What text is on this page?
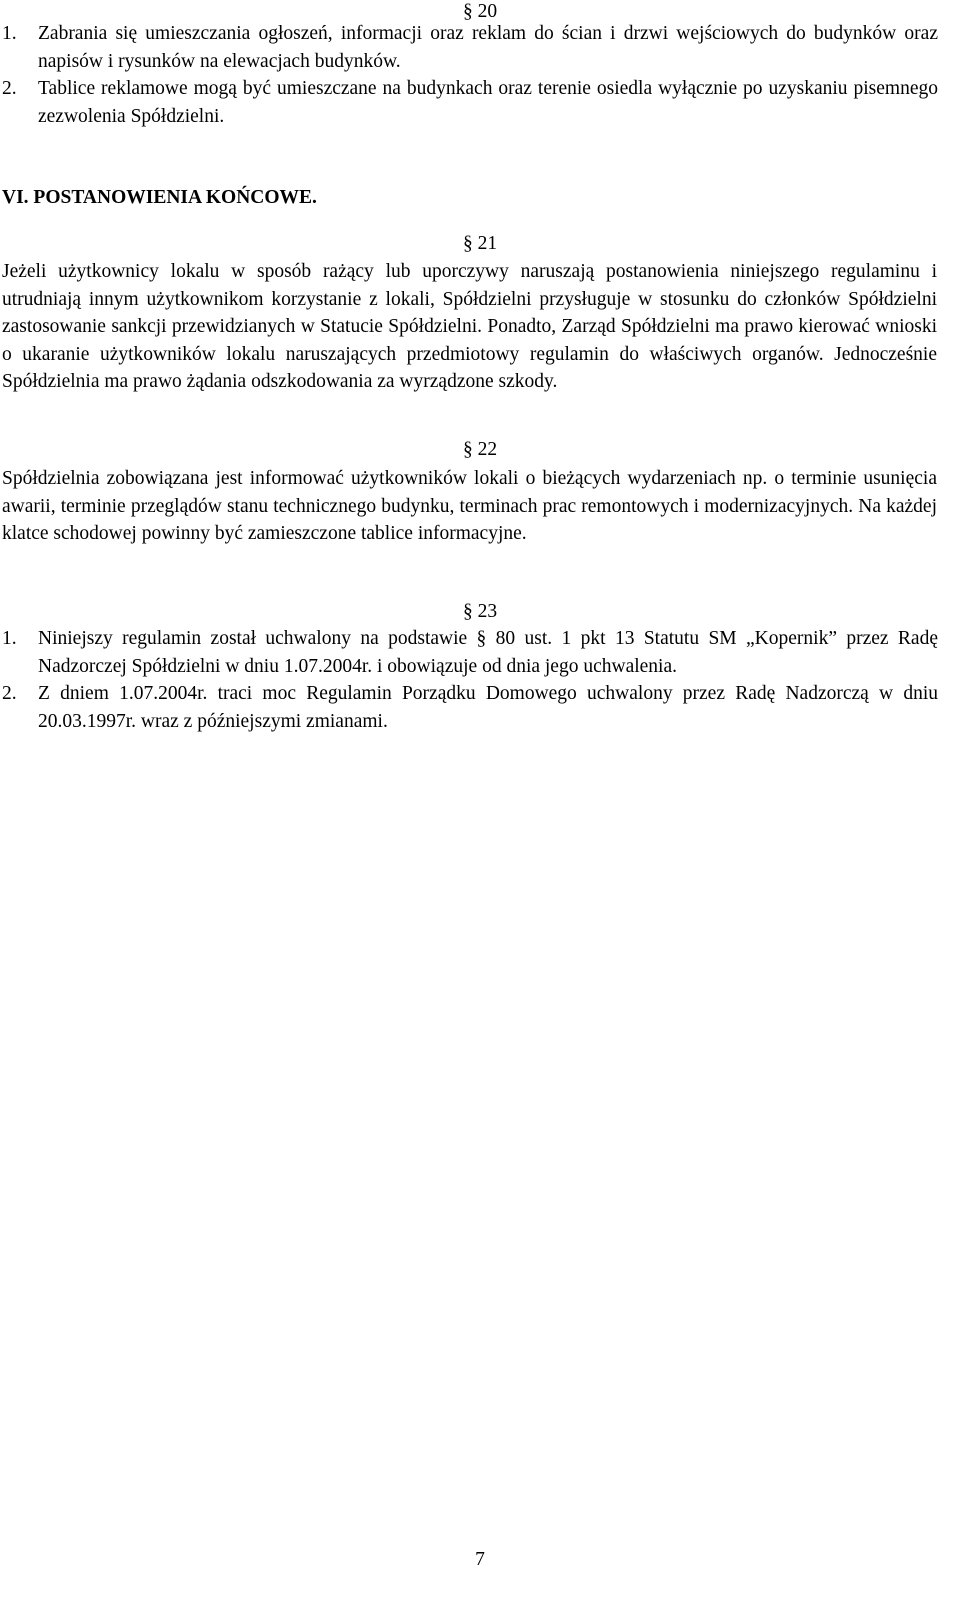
§ 20
1. Zabrania się umieszczania ogłoszeń, informacji oraz reklam do ścian i drzwi wejściowych do budynków oraz napisów i rysunków na elewacjach budynków.
2. Tablice reklamowe mogą być umieszczane na budynkach oraz terenie osiedla wyłącznie po uzyskaniu pisemnego zezwolenia Spółdzielni.
VI. POSTANOWIENIA KOŃCOWE.
§ 21

Jeżeli użytkownicy lokalu w sposób rażący lub uporczywy naruszają postanowienia niniejszego regulaminu i utrudniają innym użytkownikom korzystanie z lokali, Spółdzielni przysługuje w stosunku do członków Spółdzielni zastosowanie sankcji przewidzianych w Statucie Spółdzielni. Ponadto, Zarząd Spółdzielni ma prawo kierować wnioski o ukaranie użytkowników lokalu naruszających przedmiotowy regulamin do właściwych organów. Jednocześnie Spółdzielnia ma prawo żądania odszkodowania za wyrządzone szkody.

§ 22

Spółdzielnia zobowiązana jest informować użytkowników lokali o bieżących wydarzeniach np. o terminie usunięcia awarii, terminie przeglądów stanu technicznego budynku, terminach prac remontowych i modernizacyjnych. Na każdej klatce schodowej powinny być zamieszczone tablice informacyjne.

§ 23
1. Niniejszy regulamin został uchwalony na podstawie § 80 ust. 1 pkt 13 Statutu SM „Kopernik” przez Radę Nadzorczej Spółdzielni w dniu 1.07.2004r. i obowiązuje od dnia jego uchwalenia.
2. Z dniem 1.07.2004r. traci moc Regulamin Porządku Domowego uchwalony przez Radę Nadzorczą w dniu 20.03.1997r. wraz z późniejszymi zmianami.
7
